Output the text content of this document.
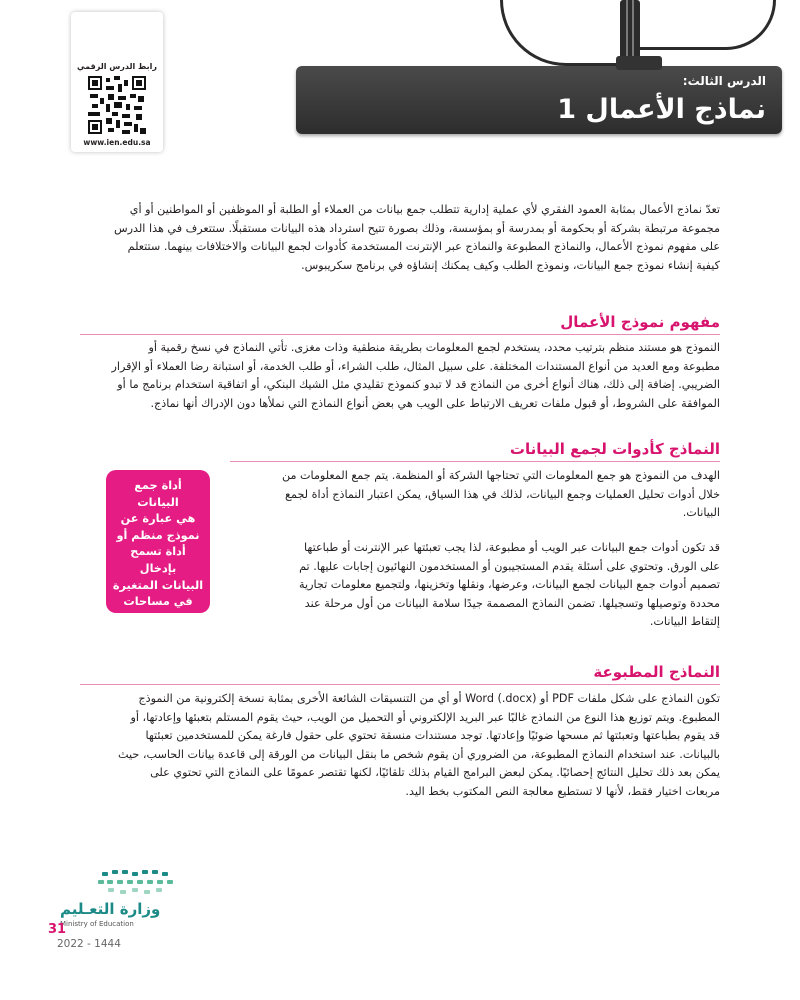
الدرس الثالث:
نماذج الأعمال 1
رابط الدرس الرقمي
www.ien.edu.sa
تعدّ نماذج الأعمال بمثابة العمود الفقري لأي عملية إدارية تتطلب جمع بيانات من العملاء أو الطلبة أو الموظفين أو المواطنين أو أي
مجموعة مرتبطة بشركة أو بحكومة أو بمدرسة أو بمؤسسة، وذلك بصورة تتيح استرداد هذه البيانات مستقبلًا. ستتعرف في هذا الدرس
على مفهوم نموذج الأعمال، والنماذج المطبوعة والنماذج عبر الإنترنت المستخدمة كأدوات لجمع البيانات والاختلافات بينهما. ستتعلم
كيفية إنشاء نموذج جمع البيانات، ونموذج الطلب وكيف يمكنك إنشاؤه في برنامج سكريبوس.
مفهوم نموذج الأعمال
النموذج هو مستند منظم بترتيب محدد، يستخدم لجمع المعلومات بطريقة منطقية وذات مغزى. تأتي النماذج في نسخ رقمية أو
مطبوعة ومع العديد من أنواع المستندات المختلفة. على سبيل المثال، طلب الشراء، أو طلب الخدمة، أو استبانة رضا العملاء أو الإقرار
الضريبي. إضافة إلى ذلك، هناك أنواع أخرى من النماذج قد لا تبدو كنموذج تقليدي مثل الشيك البنكي، أو اتفاقية استخدام برنامج ما أو
الموافقة على الشروط، أو قبول ملفات تعريف الارتباط على الويب هي بعض أنواع النماذج التي نملأها دون الإدراك أنها نماذج.
النماذج كأدوات لجمع البيانات
الهدف من النموذج هو جمع المعلومات التي تحتاجها الشركة أو المنظمة. يتم جمع المعلومات من
خلال أدوات تحليل العمليات وجمع البيانات، لذلك في هذا السياق، يمكن اعتبار النماذج أداة لجمع
البيانات.
قد تكون أدوات جمع البيانات عبر الويب أو مطبوعة، لذا يجب تعبئتها عبر الإنترنت أو طباعتها
على الورق. وتحتوي على أسئلة يقدم المستجيبون أو المستخدمون النهائيون إجابات عليها. تم
تصميم أدوات جمع البيانات لجمع البيانات، وعرضها، ونقلها وتخزينها، ولتجميع معلومات تجارية
محددة وتوصيلها وتسجيلها. تضمن النماذج المصممة جيدًا سلامة البيانات من أول مرحلة عند
إلتقاط البيانات.
أداة جمع البيانات
هي عبارة عن
نموذج منظم أو
أداة تسمح بإدخال
البيانات المتغيرة
في مساحات
فارغة.
النماذج المطبوعة
تكون النماذج على شكل ملفات PDF أو Word (.docx) أو أي من التنسيقات الشائعة الأخرى بمثابة نسخة إلكترونية من النموذج
المطبوع. ويتم توزيع هذا النوع من النماذج غالبًا عبر البريد الإلكتروني أو التحميل من الويب، حيث يقوم المستلم بتعبئها وإعادتها، أو
قد يقوم بطباعتها وتعبئتها ثم مسحها ضوئيًا وإعادتها. توجد مستندات منسقة تحتوي على حقول فارغة يمكن للمستخدمين تعبئتها
بالبيانات. عند استخدام النماذج المطبوعة، من الضروري أن يقوم شخص ما بنقل البيانات من الورقة إلى قاعدة بيانات الحاسب، حيث
يمكن بعد ذلك تحليل النتائج إحصائيًا. يمكن لبعض البرامج القيام بذلك تلقائيًا، لكنها تقتصر عمومًا على النماذج التي تحتوي على
مربعات اختيار فقط، لأنها لا تستطيع معالجة النص المكتوب بخط اليد.
وزارة التعـليم
Ministry of Education
31
2022 - 1444
